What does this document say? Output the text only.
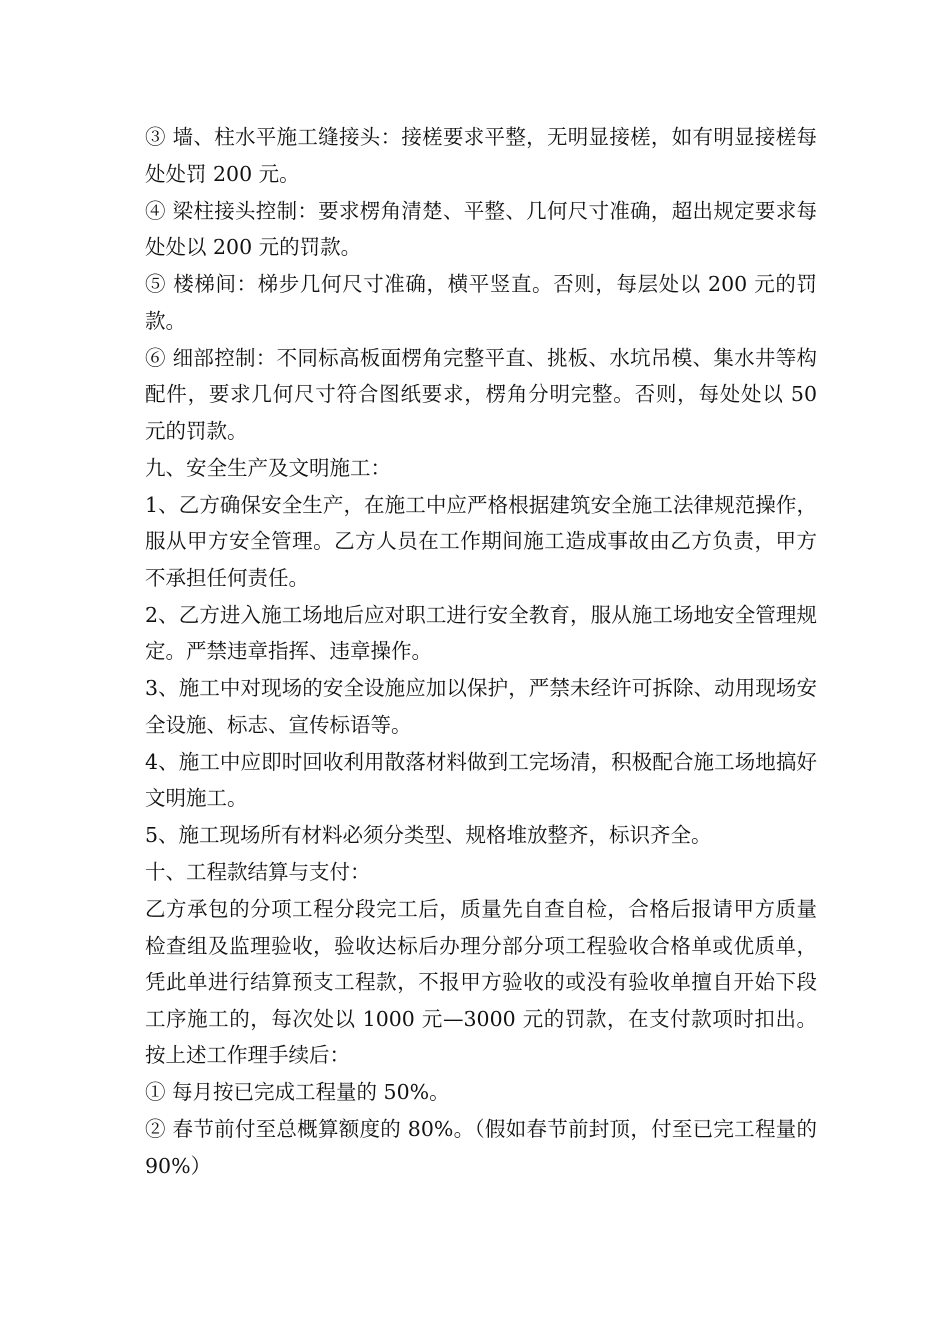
③ 墙、柱水平施工缝接头：接槎要求平整，无明显接槎，如有明显接槎每处处罚 200 元。

④ 梁柱接头控制：要求楞角清楚、平整、几何尺寸准确，超出规定要求每处处以 200 元的罚款。

⑤ 楼梯间：梯步几何尺寸准确，横平竖直。否则，每层处以 200 元的罚款。

⑥ 细部控制：不同标高板面楞角完整平直、挑板、水坑吊模、集水井等构配件，要求几何尺寸符合图纸要求，楞角分明完整。否则，每处处以 50 元的罚款。

九、安全生产及文明施工：

1、乙方确保安全生产，在施工中应严格根据建筑安全施工法律规范操作，服从甲方安全管理。乙方人员在工作期间施工造成事故由乙方负责，甲方不承担任何责任。

2、乙方进入施工场地后应对职工进行安全教育，服从施工场地安全管理规定。严禁违章指挥、违章操作。

3、施工中对现场的安全设施应加以保护，严禁未经许可拆除、动用现场安全设施、标志、宣传标语等。

4、施工中应即时回收利用散落材料做到工完场清，积极配合施工场地搞好文明施工。

5、施工现场所有材料必须分类型、规格堆放整齐，标识齐全。

十、工程款结算与支付：

乙方承包的分项工程分段完工后，质量先自查自检，合格后报请甲方质量检查组及监理验收，验收达标后办理分部分项工程验收合格单或优质单，凭此单进行结算预支工程款，不报甲方验收的或没有验收单擅自开始下段工序施工的，每次处以 1000 元—3000 元的罚款，在支付款项时扣出。按上述工作理手续后：

① 每月按已完成工程量的 50%。

② 春节前付至总概算额度的 80%。（假如春节前封顶，付至已完工程量的 90%）
